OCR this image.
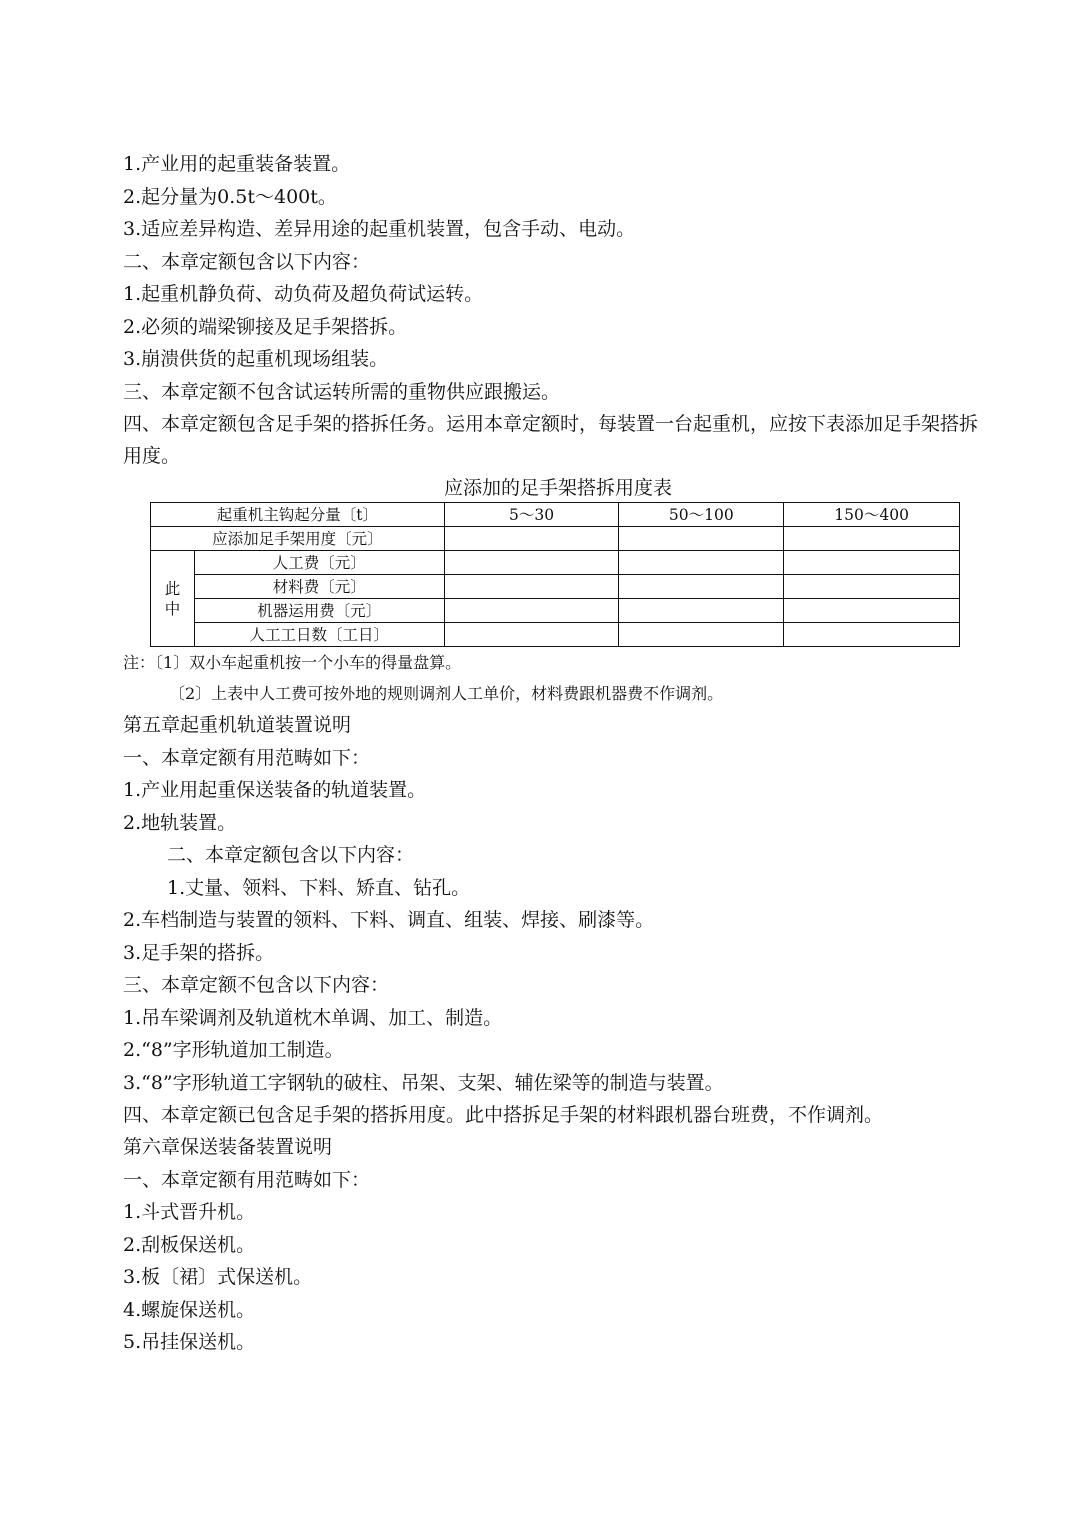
1.产业用的起重装备装置。
2.起分量为0.5t～400t。
3.适应差异构造、差异用途的起重机装置，包含手动、电动。
二、本章定额包含以下内容：
1.起重机静负荷、动负荷及超负荷试运转。
2.必须的端梁铆接及足手架搭拆。
3.崩溃供货的起重机现场组装。
三、本章定额不包含试运转所需的重物供应跟搬运。
四、本章定额包含足手架的搭拆任务。运用本章定额时，每装置一台起重机，应按下表添加足手架搭拆用度。
应添加的足手架搭拆用度表
起重机主钩起分量〔t〕		5～30	50～100	150～400
应添加足手架用度〔元〕				
此
中	人工费〔元〕			
	材料费〔元〕			
	机器运用费〔元〕			
	人工工日数〔工日〕			
注：〔1〕双小车起重机按一个小车的得量盘算。
〔2〕上表中人工费可按外地的规则调剂人工单价，材料费跟机器费不作调剂。
第五章起重机轨道装置说明
一、本章定额有用范畴如下：
1.产业用起重保送装备的轨道装置。
2.地轨装置。
二、本章定额包含以下内容：
1.丈量、领料、下料、矫直、钻孔。
2.车档制造与装置的领料、下料、调直、组装、焊接、刷漆等。
3.足手架的搭拆。
三、本章定额不包含以下内容：
1.吊车梁调剂及轨道枕木单调、加工、制造。
2.“8”字形轨道加工制造。
3.“8”字形轨道工字钢轨的破柱、吊架、支架、辅佐梁等的制造与装置。
四、本章定额已包含足手架的搭拆用度。此中搭拆足手架的材料跟机器台班费，不作调剂。
第六章保送装备装置说明
一、本章定额有用范畴如下：
1.斗式晋升机。
2.刮板保送机。
3.板〔裙〕式保送机。
4.螺旋保送机。
5.吊挂保送机。
